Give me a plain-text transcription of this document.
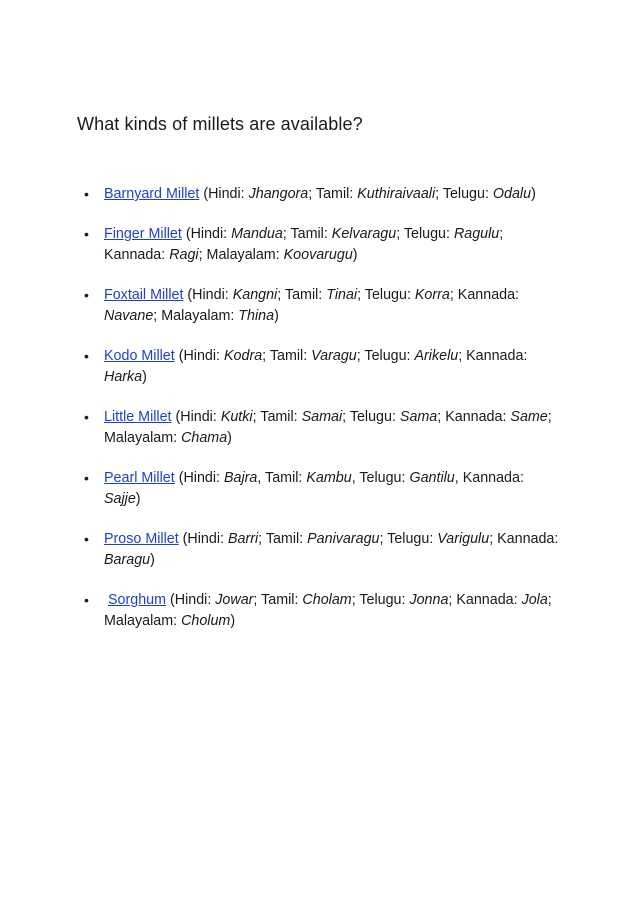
What kinds of millets are available?
• Barnyard Millet (Hindi: Jhangora; Tamil: Kuthiraivaali; Telugu: Odalu)
• Finger Millet (Hindi: Mandua; Tamil: Kelvaragu; Telugu: Ragulu; Kannada: Ragi; Malayalam: Koovarugu)
• Foxtail Millet (Hindi: Kangni; Tamil: Tinai; Telugu: Korra; Kannada: Navane; Malayalam: Thina)
• Kodo Millet (Hindi: Kodra; Tamil: Varagu; Telugu: Arikelu; Kannada: Harka)
• Little Millet (Hindi: Kutki; Tamil: Samai; Telugu: Sama; Kannada: Same; Malayalam: Chama)
• Pearl Millet (Hindi: Bajra, Tamil: Kambu, Telugu: Gantilu, Kannada: Sajje)
• Proso Millet (Hindi: Barri; Tamil: Panivaragu; Telugu: Varigulu; Kannada: Baragu)
• Sorghum (Hindi: Jowar; Tamil: Cholam; Telugu: Jonna; Kannada: Jola; Malayalam: Cholum)
